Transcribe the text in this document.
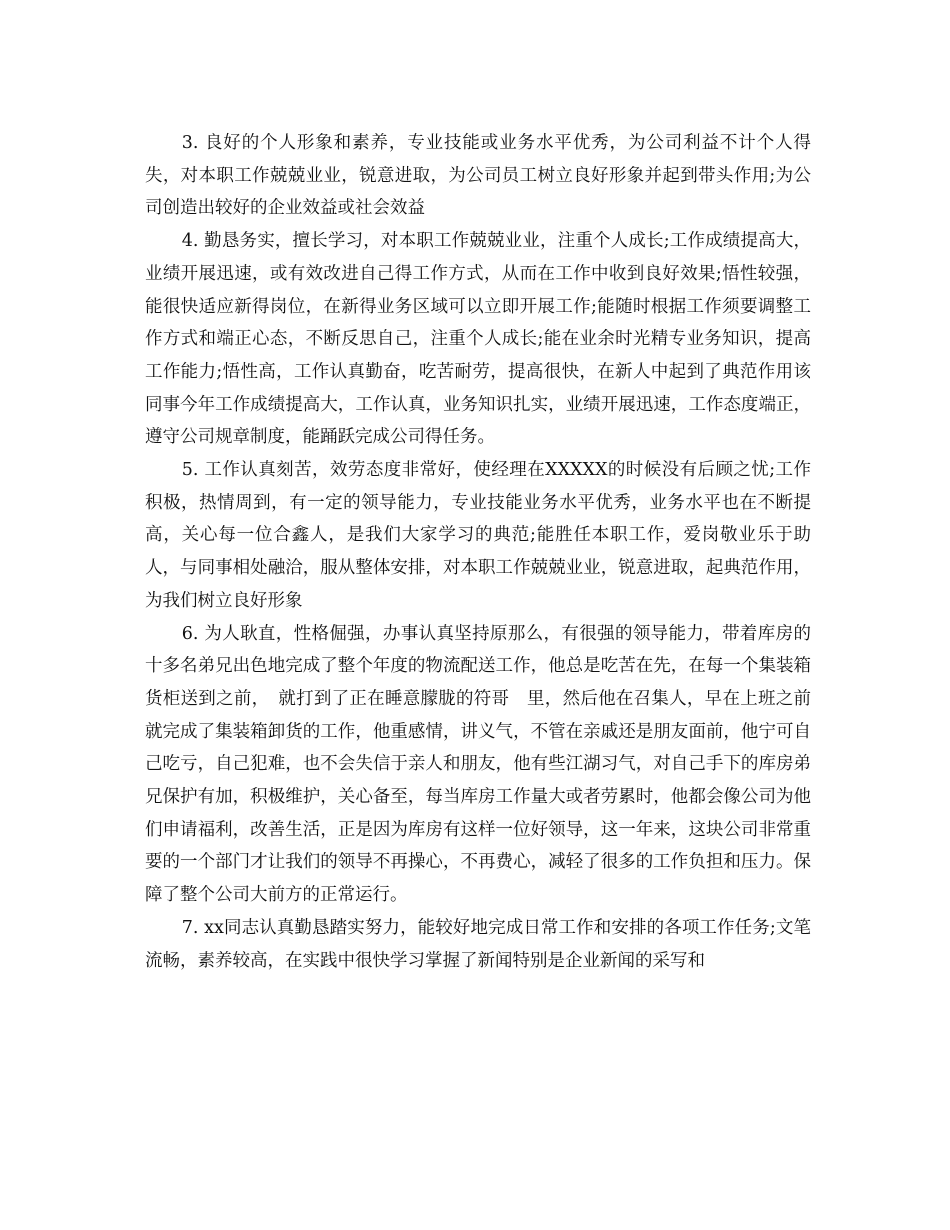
3. 良好的个人形象和素养，专业技能或业务水平优秀，为公司利益不计个人得失，对本职工作兢兢业业，锐意进取，为公司员工树立良好形象并起到带头作用;为公司创造出较好的企业效益或社会效益

4. 勤恳务实，擅长学习，对本职工作兢兢业业，注重个人成长;工作成绩提高大，业绩开展迅速，或有效改进自己得工作方式，从而在工作中收到良好效果;悟性较强，能很快适应新得岗位，在新得业务区域可以立即开展工作;能随时根据工作须要调整工作方式和端正心态，不断反思自己，注重个人成长;能在业余时光精专业务知识，提高工作能力;悟性高，工作认真勤奋，吃苦耐劳，提高很快，在新人中起到了典范作用该同事今年工作成绩提高大，工作认真，业务知识扎实，业绩开展迅速，工作态度端正，遵守公司规章制度，能踊跃完成公司得任务。

5. 工作认真刻苦，效劳态度非常好，使经理在XXXXX的时候没有后顾之忧;工作积极，热情周到，有一定的领导能力，专业技能业务水平优秀，业务水平也在不断提高，关心每一位合鑫人，是我们大家学习的典范;能胜任本职工作，爱岗敬业乐于助人，与同事相处融洽，服从整体安排，对本职工作兢兢业业，锐意进取，起典范作用，为我们树立良好形象

6. 为人耿直，性格倔强，办事认真坚持原那么，有很强的领导能力，带着库房的十多名弟兄出色地完成了整个年度的物流配送工作，他总是吃苦在先，在每一个集装箱货柜送到之前，　就打到了正在睡意朦胧的符哥　里，然后他在召集人，早在上班之前就完成了集装箱卸货的工作，他重感情，讲义气，不管在亲戚还是朋友面前，他宁可自己吃亏，自己犯难，也不会失信于亲人和朋友，他有些江湖习气，对自己手下的库房弟兄保护有加，积极维护，关心备至，每当库房工作量大或者劳累时，他都会像公司为他们申请福利，改善生活，正是因为库房有这样一位好领导，这一年来，这块公司非常重要的一个部门才让我们的领导不再操心，不再费心，减轻了很多的工作负担和压力。保障了整个公司大前方的正常运行。

7. xx同志认真勤恳踏实努力，能较好地完成日常工作和安排的各项工作任务;文笔流畅，素养较高，在实践中很快学习掌握了新闻特别是企业新闻的采写和
